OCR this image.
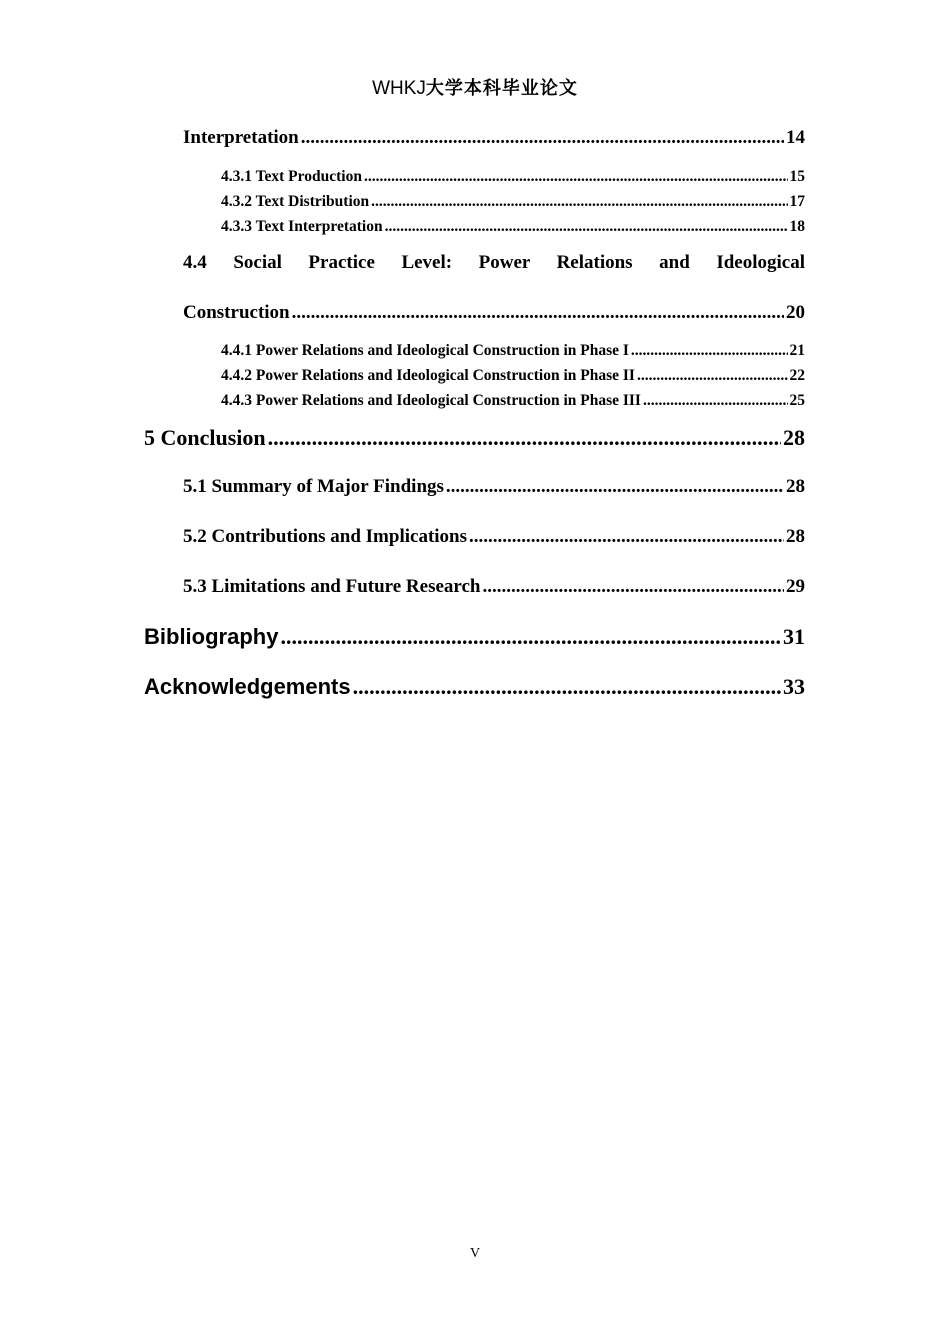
WHKJ大学本科毕业论文
Interpretation .....	14
4.3.1 Text Production .....	15
4.3.2 Text Distribution .....	17
4.3.3 Text Interpretation .....	18
4.4 Social Practice Level: Power Relations and Ideological
Construction .....	20
4.4.1 Power Relations and Ideological Construction in Phase I .....	21
4.4.2 Power Relations and Ideological Construction in Phase II .....	22
4.4.3 Power Relations and Ideological Construction in Phase III .....	25
5 Conclusion .....	28
5.1 Summary of Major Findings .....	28
5.2 Contributions and Implications .....	28
5.3 Limitations and Future Research .....	29
Bibliography .....	31
Acknowledgements .....	33
V
